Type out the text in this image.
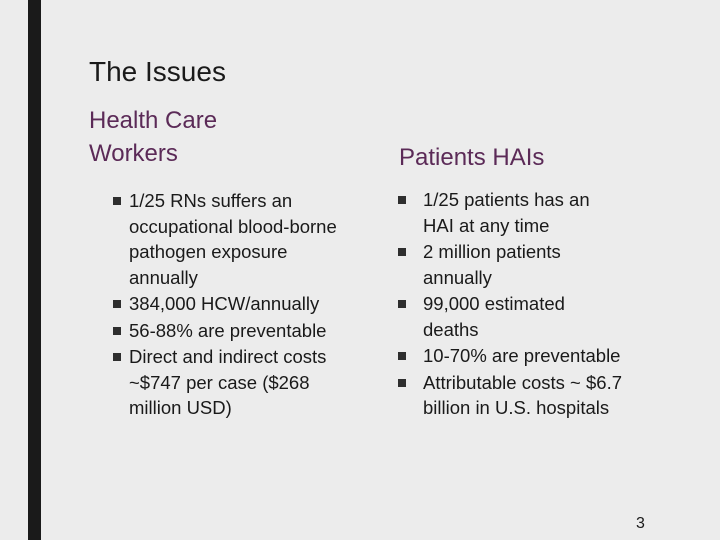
The Issues
Health Care Workers	Patients HAIs
1/25 RNs suffers an occupational blood-borne pathogen exposure annually
384,000 HCW/annually
56-88% are preventable
Direct and indirect costs ~$747 per case ($268 million USD)
1/25 patients has an HAI at any time
2 million patients annually
99,000 estimated deaths
10-70% are preventable
Attributable costs ~ $6.7 billion in U.S. hospitals
3
